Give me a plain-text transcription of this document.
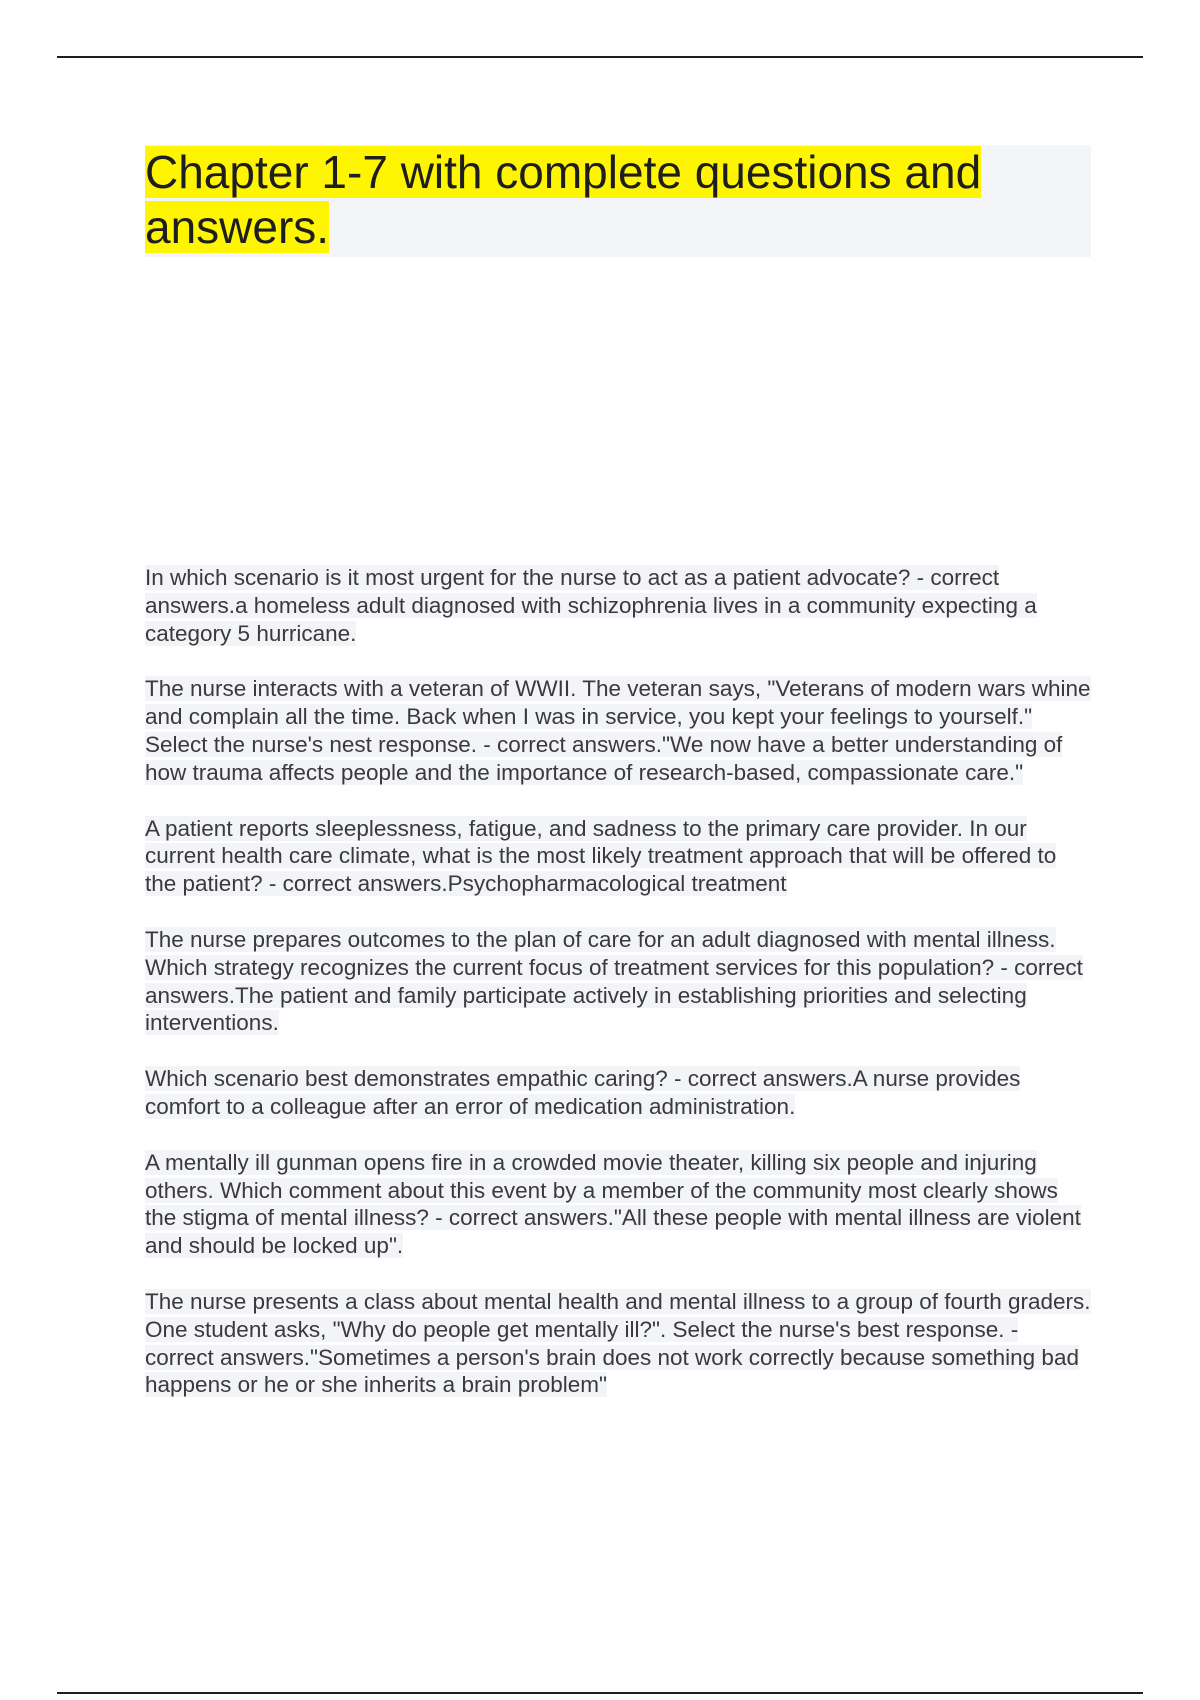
Chapter 1-7 with complete questions and answers.

In which scenario is it most urgent for the nurse to act as a patient advocate? - correct answers.a homeless adult diagnosed with schizophrenia lives in a community expecting a category 5 hurricane.

The nurse interacts with a veteran of WWII. The veteran says, "Veterans of modern wars whine and complain all the time. Back when I was in service, you kept your feelings to yourself." Select the nurse's nest response. - correct answers."We now have a better understanding of how trauma affects people and the importance of research-based, compassionate care."

A patient reports sleeplessness, fatigue, and sadness to the primary care provider. In our current health care climate, what is the most likely treatment approach that will be offered to the patient? - correct answers.Psychopharmacological treatment

The nurse prepares outcomes to the plan of care for an adult diagnosed with mental illness. Which strategy recognizes the current focus of treatment services for this population? - correct answers.The patient and family participate actively in establishing priorities and selecting interventions.

Which scenario best demonstrates empathic caring? - correct answers.A nurse provides comfort to a colleague after an error of medication administration.

A mentally ill gunman opens fire in a crowded movie theater, killing six people and injuring others. Which comment about this event by a member of the community most clearly shows the stigma of mental illness? - correct answers."All these people with mental illness are violent and should be locked up".

The nurse presents a class about mental health and mental illness to a group of fourth graders. One student asks, "Why do people get mentally ill?". Select the nurse's best response. - correct answers."Sometimes a person's brain does not work correctly because something bad happens or he or she inherits a brain problem"
